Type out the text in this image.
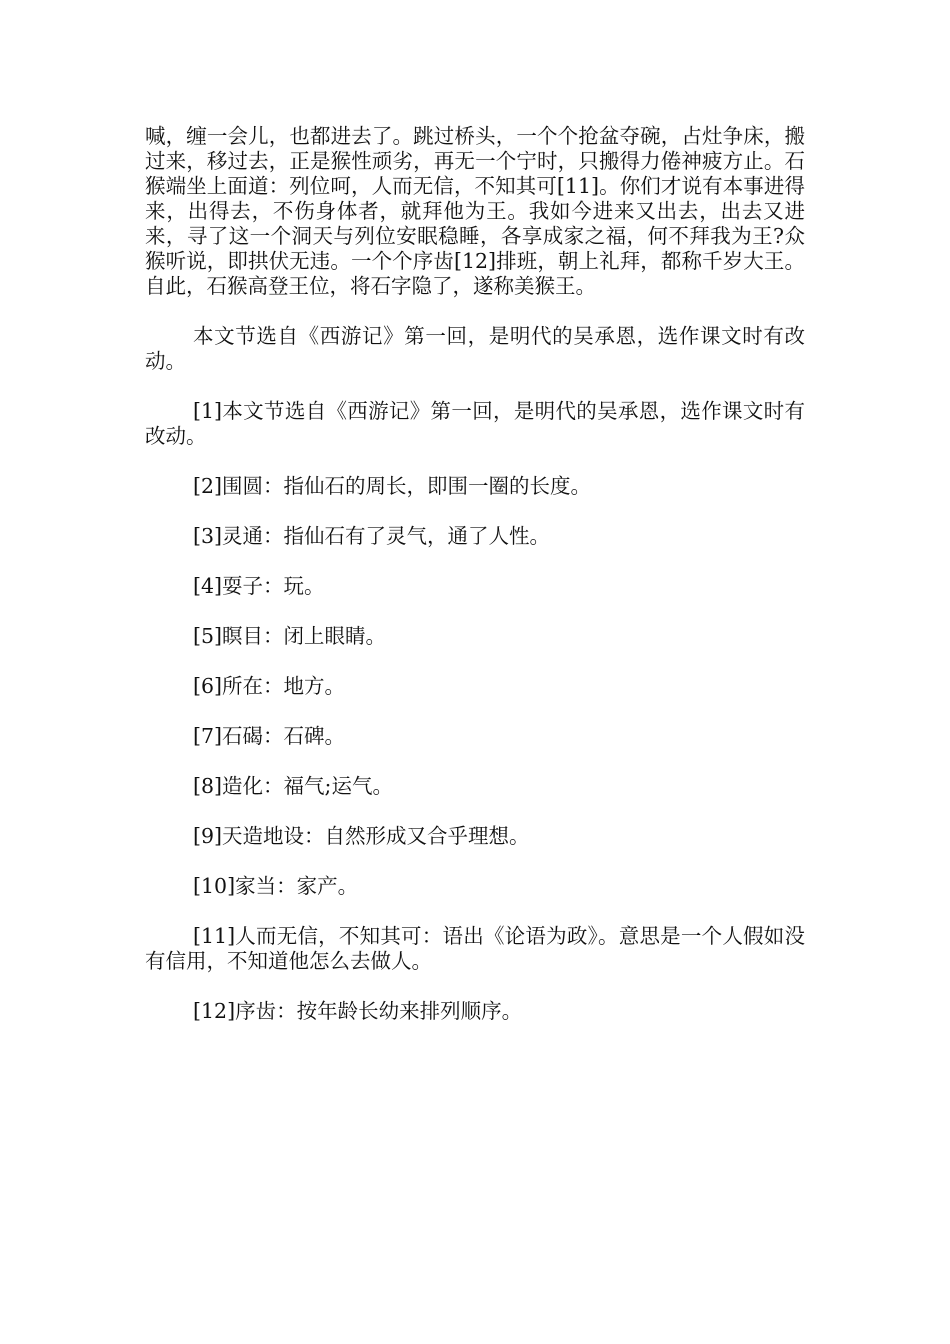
喊，缠一会儿，也都进去了。跳过桥头，一个个抢盆夺碗，占灶争床，搬过来，移过去，正是猴性顽劣，再无一个宁时，只搬得力倦神疲方止。石猴端坐上面道：列位呵，人而无信，不知其可[11]。你们才说有本事进得来，出得去，不伤身体者，就拜他为王。我如今进来又出去，出去又进来，寻了这一个洞天与列位安眠稳睡，各享成家之福，何不拜我为王?众猴听说，即拱伏无违。一个个序齿[12]排班，朝上礼拜，都称千岁大王。自此，石猴高登王位，将石字隐了，遂称美猴王。

本文节选自《西游记》第一回，是明代的吴承恩，选作课文时有改动。

[1]本文节选自《西游记》第一回，是明代的吴承恩，选作课文时有改动。

[2]围圆：指仙石的周长，即围一圈的长度。

[3]灵通：指仙石有了灵气，通了人性。

[4]耍子：玩。

[5]瞑目：闭上眼睛。

[6]所在：地方。

[7]石碣：石碑。

[8]造化：福气;运气。

[9]天造地设：自然形成又合乎理想。

[10]家当：家产。

[11]人而无信，不知其可：语出《论语为政》。意思是一个人假如没有信用，不知道他怎么去做人。

[12]序齿：按年龄长幼来排列顺序。
